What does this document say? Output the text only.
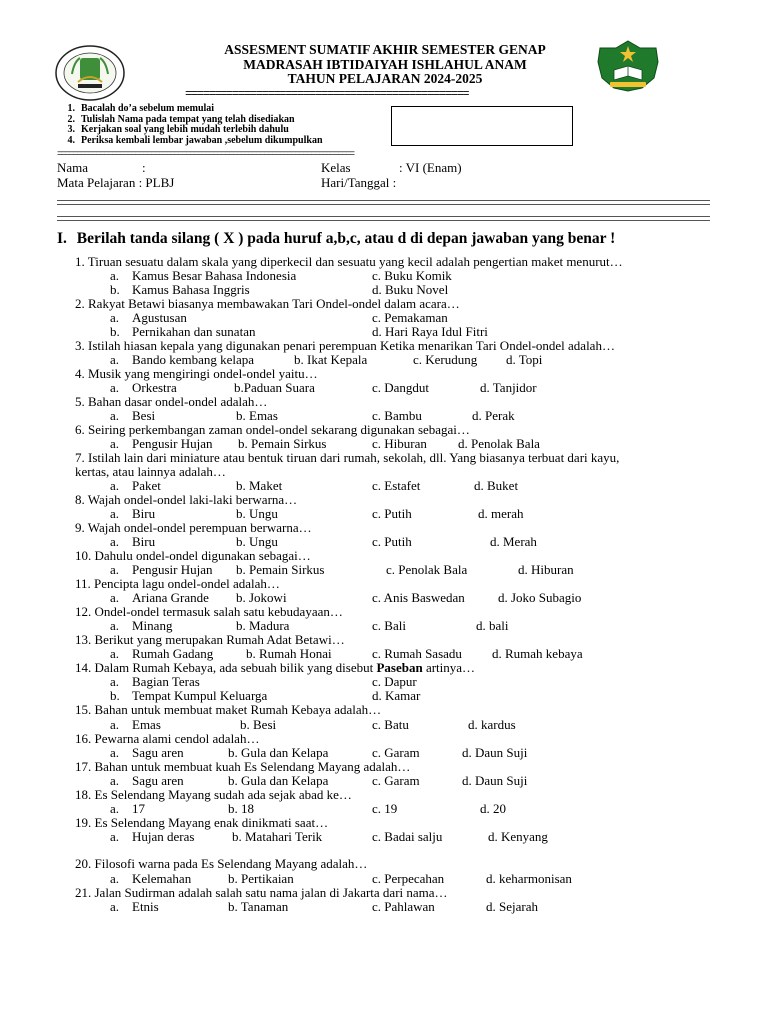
ASSESMENT SUMATIF AKHIR SEMESTER GENAP
MADRASAH IBTIDAIYAH ISHLAHUL ANAM
TAHUN PELAJARAN 2024-2025
================================================
1. Bacalah do’a sebelum memulai
2. Tulislah Nama pada tempat yang telah disediakan
3. Kerjakan soal yang lebih mudah terlebih dahulu
4. Periksa kembali lembar jawaban ,sebelum dikumpulkan
============================================================================
Nama	:
Mata Pelajaran : PLBJ
Kelas	: VI (Enam)
Hari/Tanggal :
I. Berilah tanda silang ( X ) pada huruf a,b,c, atau d di depan jawaban yang benar !
1. Tiruan sesuatu dalam skala yang diperkecil dan sesuatu yang kecil adalah pengertian maket menurut…
a. Kamus Besar Bahasa Indonesia	c. Buku Komik
b. Kamus Bahasa Inggris	d. Buku Novel
2. Rakyat Betawi biasanya membawakan Tari Ondel-ondel dalam acara…
a. Agustusan	c. Pemakaman
b. Pernikahan dan sunatan	d. Hari Raya Idul Fitri
3. Istilah hiasan kepala yang digunakan penari perempuan Ketika menarikan Tari Ondel-ondel adalah…
a. Bando kembang kelapa	b. Ikat Kepala	c. Kerudung d. Topi
4. Musik yang mengiringi ondel-ondel yaitu…
a. Orkestra	b.Paduan Suara	c. Dangdut	d. Tanjidor
5. Bahan dasar ondel-ondel adalah…
a. Besi	b. Emas	c. Bambu	d. Perak
6. Seiring perkembangan zaman ondel-ondel sekarang digunakan sebagai…
a. Pengusir Hujan b. Pemain Sirkus	c. Hiburan d. Penolak Bala
7. Istilah lain dari miniature atau bentuk tiruan dari rumah, sekolah, dll. Yang biasanya terbuat dari kayu,
kertas, atau lainnya adalah…
a. Paket	b. Maket	c. Estafet	d. Buket
8. Wajah ondel-ondel laki-laki berwarna…
a. Biru	b. Ungu	c. Putih	d. merah
9. Wajah ondel-ondel perempuan berwarna…
a. Biru	b. Ungu	c. Putih	d. Merah
10. Dahulu ondel-ondel digunakan sebagai…
a. Pengusir Hujan b. Pemain Sirkus	c. Penolak Bala	d. Hiburan
11. Pencipta lagu ondel-ondel adalah…
a. Ariana Grande b. Jokowi	c. Anis Baswedan	d. Joko Subagio
12. Ondel-ondel termasuk salah satu kebudayaan…
a. Minang	b. Madura	c. Bali	d. bali
13. Berikut yang merupakan Rumah Adat Betawi…
a. Rumah Gadang	b. Rumah Honai	c. Rumah Sasadu d. Rumah kebaya
14. Dalam Rumah Kebaya, ada sebuah bilik yang disebut Paseban artinya…
a. Bagian Teras	c. Dapur
b. Tempat Kumpul Keluarga	d. Kamar
15. Bahan untuk membuat maket Rumah Kebaya adalah…
a. Emas	b. Besi	c. Batu	d. kardus
16. Pewarna alami cendol adalah…
a. Sagu aren	b. Gula dan Kelapa	c. Garam	d. Daun Suji
17. Bahan untuk membuat kuah Es Selendang Mayang adalah…
a. Sagu aren	b. Gula dan Kelapa	c. Garam	d. Daun Suji
18. Es Selendang Mayang sudah ada sejak abad ke…
a. 17	b. 18	c. 19	d. 20
19. Es Selendang Mayang enak dinikmati saat…
a. Hujan deras	b. Matahari Terik	c. Badai salju	d. Kenyang
20. Filosofi warna pada Es Selendang Mayang adalah…
a. Kelemahan	b. Pertikaian	c. Perpecahan	d. keharmonisan
21. Jalan Sudirman adalah salah satu nama jalan di Jakarta dari nama…
a. Etnis	b. Tanaman	c. Pahlawan	d. Sejarah
